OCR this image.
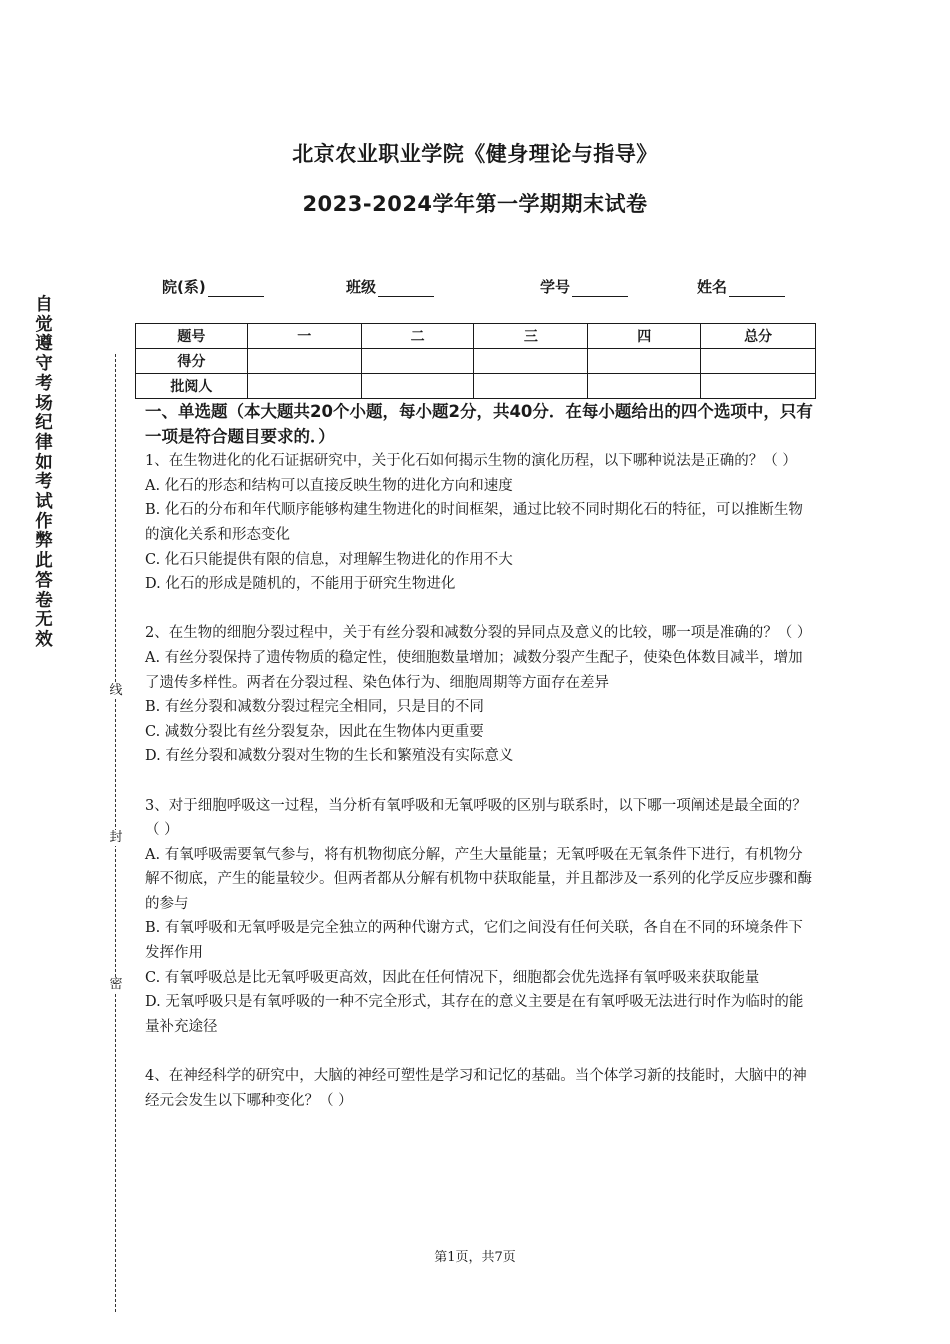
自觉遵守考场纪律如考试作弊此答卷无效
线
封
密
北京农业职业学院《健身理论与指导》
2023-2024学年第一学期期末试卷
院(系)	班级	学号	姓名
题号	一	二	三	四	总分
得分					
批阅人					

一、单选题（本大题共20个小题，每小题2分，共40分．在每小题给出的四个选项中，只有一项是符合题目要求的．）

1、在生物进化的化石证据研究中，关于化石如何揭示生物的演化历程，以下哪种说法是正确的？（ ）

A. 化石的形态和结构可以直接反映生物的进化方向和速度

B. 化石的分布和年代顺序能够构建生物进化的时间框架，通过比较不同时期化石的特征，可以推断生物的演化关系和形态变化

C. 化石只能提供有限的信息，对理解生物进化的作用不大

D. 化石的形成是随机的，不能用于研究生物进化

2、在生物的细胞分裂过程中，关于有丝分裂和减数分裂的异同点及意义的比较，哪一项是准确的？（ ）

A. 有丝分裂保持了遗传物质的稳定性，使细胞数量增加；减数分裂产生配子，使染色体数目减半，增加了遗传多样性。两者在分裂过程、染色体行为、细胞周期等方面存在差异

B. 有丝分裂和减数分裂过程完全相同，只是目的不同

C. 减数分裂比有丝分裂复杂，因此在生物体内更重要

D. 有丝分裂和减数分裂对生物的生长和繁殖没有实际意义

3、对于细胞呼吸这一过程，当分析有氧呼吸和无氧呼吸的区别与联系时，以下哪一项阐述是最全面的？（ ）

A. 有氧呼吸需要氧气参与，将有机物彻底分解，产生大量能量；无氧呼吸在无氧条件下进行，有机物分解不彻底，产生的能量较少。但两者都从分解有机物中获取能量，并且都涉及一系列的化学反应步骤和酶的参与

B. 有氧呼吸和无氧呼吸是完全独立的两种代谢方式，它们之间没有任何关联，各自在不同的环境条件下发挥作用

C. 有氧呼吸总是比无氧呼吸更高效，因此在任何情况下，细胞都会优先选择有氧呼吸来获取能量

D. 无氧呼吸只是有氧呼吸的一种不完全形式，其存在的意义主要是在有氧呼吸无法进行时作为临时的能量补充途径

4、在神经科学的研究中，大脑的神经可塑性是学习和记忆的基础。当个体学习新的技能时，大脑中的神经元会发生以下哪种变化？（ ）

第1页，共7页
